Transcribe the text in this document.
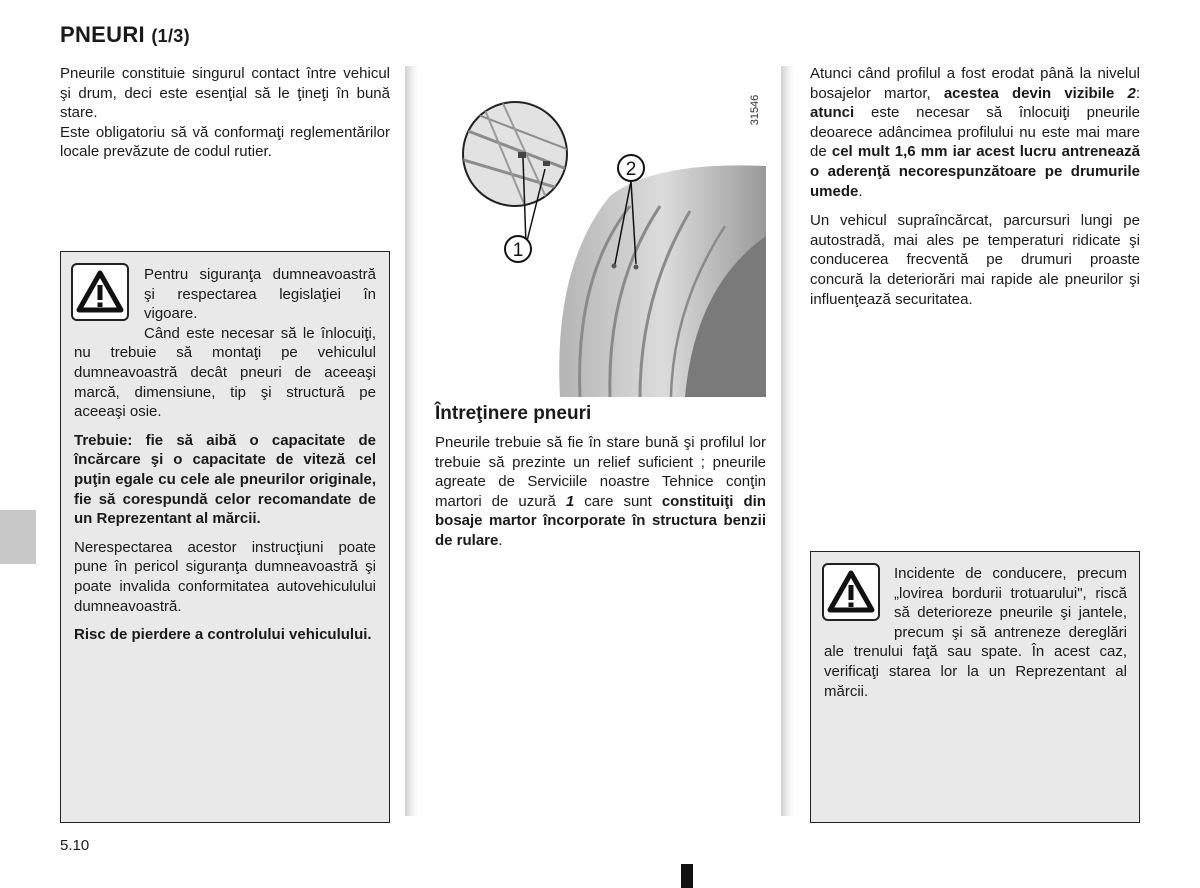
PNEURI (1/3)

Pneurile constituie singurul contact între vehicul şi drum, deci este esenţial să le ţineţi în bună stare.

Este obligatoriu să vă conformaţi reglementărilor locale prevăzute de codul rutier.

Pentru siguranţa dumneavoastră şi respectarea legislaţiei în vigoare.

Când este necesar să le înlocuiţi, nu trebuie să montaţi pe vehiculul dumneavoastră decât pneuri de aceeaşi marcă, dimensiune, tip şi structură pe aceeaşi osie.

Trebuie: fie să aibă o capacitate de încărcare şi o capacitate de viteză cel puţin egale cu cele ale pneurilor originale, fie să corespundă celor recomandate de un Reprezentant al mărcii.

Nerespectarea acestor instrucţiuni poate pune în pericol siguranţa dumneavoastră şi poate invalida conformitatea autovehiculului dumneavoastră.

Risc de pierdere a controlului vehiculului.

1
2
31546
Întreţinere pneuri

Pneurile trebuie să fie în stare bună şi profilul lor trebuie să prezinte un relief suficient ; pneurile agreate de Serviciile noastre Tehnice conţin martori de uzură 1 care sunt constituiţi din bosaje martor încorporate în structura benzii de rulare.

Atunci când profilul a fost erodat până la nivelul bosajelor martor, acestea devin vizibile 2: atunci este necesar să înlocuiţi pneurile deoarece adâncimea profilului nu este mai mare de cel mult 1,6 mm iar acest lucru antrenează o aderenţă necorespunzătoare pe drumurile umede.

Un vehicul supraîncărcat, parcursuri lungi pe autostradă, mai ales pe temperaturi ridicate şi conducerea frecventă pe drumuri proaste concură la deteriorări mai rapide ale pneurilor şi influenţează securitatea.

Incidente de conducere, precum „lovirea bordurii trotuarului", riscă să deterioreze pneurile şi jantele, precum şi să antreneze dereglări ale trenului faţă sau spate. În acest caz, verificaţi starea lor la un Reprezentant al mărcii.

5.10
